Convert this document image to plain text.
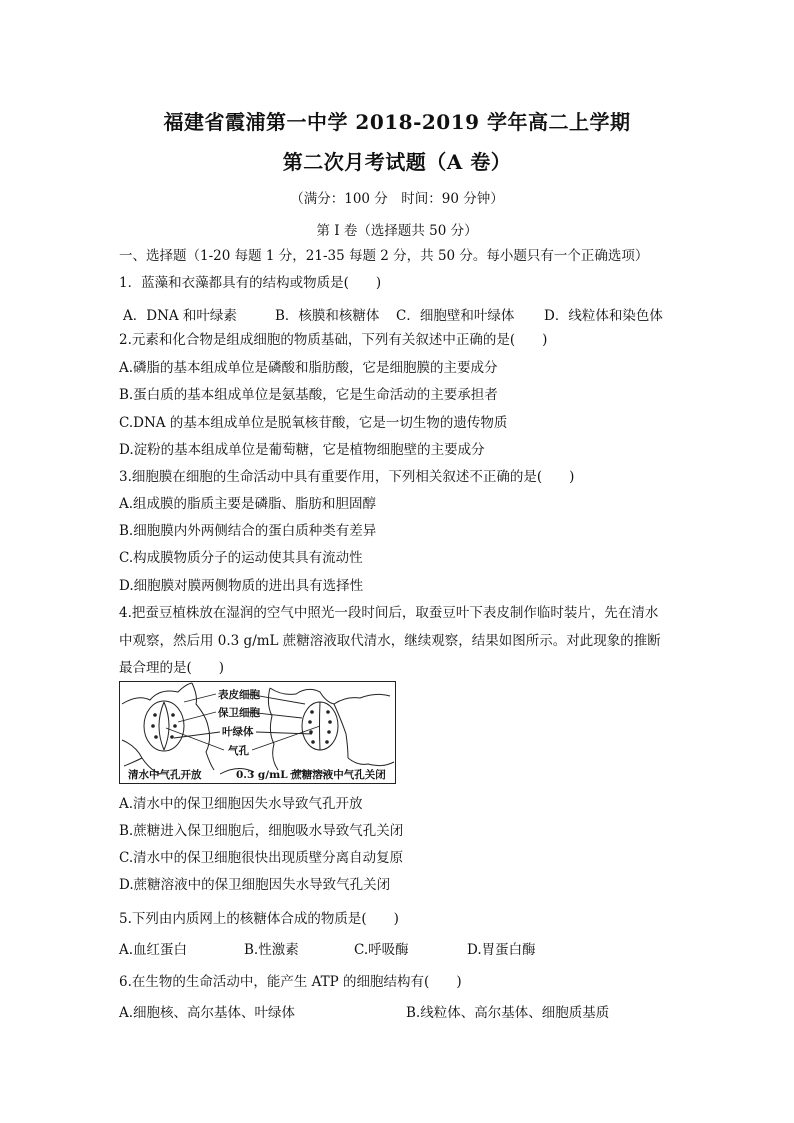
福建省霞浦第一中学 2018-2019 学年高二上学期
第二次月考试题（A 卷）
（满分：100 分　时间：90 分钟）
第 I 卷（选择题共 50 分）
一、选择题（1-20 每题 1 分，21-35 每题 2 分，共 50 分。每小题只有一个正确选项）
1．蓝藻和衣藻都具有的结构或物质是(　　)
A．DNA 和叶绿素	B．核膜和核糖体 C．细胞壁和叶绿体 D．线粒体和染色体
2.元素和化合物是组成细胞的物质基础，下列有关叙述中正确的是(　　)
A.磷脂的基本组成单位是磷酸和脂肪酸，它是细胞膜的主要成分
B.蛋白质的基本组成单位是氨基酸，它是生命活动的主要承担者
C.DNA 的基本组成单位是脱氧核苷酸，它是一切生物的遗传物质
D.淀粉的基本组成单位是葡萄糖，它是植物细胞壁的主要成分
3.细胞膜在细胞的生命活动中具有重要作用，下列相关叙述不正确的是(　　)
A.组成膜的脂质主要是磷脂、脂肪和胆固醇
B.细胞膜内外两侧结合的蛋白质种类有差异
C.构成膜物质分子的运动使其具有流动性
D.细胞膜对膜两侧物质的进出具有选择性
4.把蚕豆植株放在湿润的空气中照光一段时间后，取蚕豆叶下表皮制作临时装片，先在清水
中观察，然后用 0.3 g/mL 蔗糖溶液取代清水，继续观察，结果如图所示。对此现象的推断
最合理的是(　　)
表皮细胞
保卫细胞
叶绿体
气孔
清水中气孔开放	0.3 g/mL 蔗糖溶液中气孔关闭
A.清水中的保卫细胞因失水导致气孔开放
B.蔗糖进入保卫细胞后，细胞吸水导致气孔关闭
C.清水中的保卫细胞很快出现质壁分离自动复原
D.蔗糖溶液中的保卫细胞因失水导致气孔关闭
5.下列由内质网上的核糖体合成的物质是(　　)
A.血红蛋白	B.性激素	C.呼吸酶	D.胃蛋白酶
6.在生物的生命活动中，能产生 ATP 的细胞结构有(　　)
A.细胞核、高尔基体、叶绿体	B.线粒体、高尔基体、细胞质基质
